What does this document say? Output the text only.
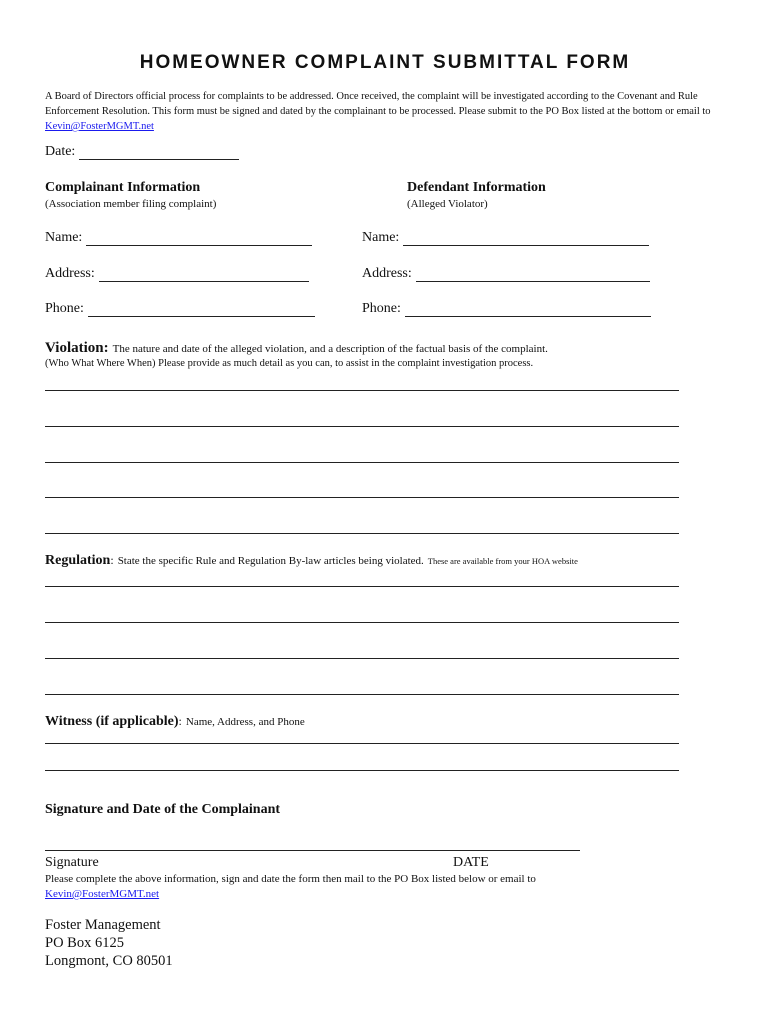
HOMEOWNER COMPLAINT SUBMITTAL FORM
A Board of Directors official process for complaints to be addressed. Once received, the complaint will be investigated according to the Covenant and Rule Enforcement Resolution. This form must be signed and dated by the complainant to be processed. Please submit to the PO Box listed at the bottom or email to Kevin@FosterMGMT.net
Date:
Complainant Information
(Association member filing complaint)
Defendant Information
(Alleged Violator)
Name:
Address:
Phone:
Name:
Address:
Phone:
Violation: The nature and date of the alleged violation, and a description of the factual basis of the complaint.
(Who What Where When) Please provide as much detail as you can, to assist in the complaint investigation process.
Regulation: State the specific Rule and Regulation By-law articles being violated. These are available from your HOA website
Witness (if applicable): Name, Address, and Phone
Signature and Date of the Complainant
Signature	DATE
Please complete the above information, sign and date the form then mail to the PO Box listed below or email to
Kevin@FosterMGMT.net
Foster Management
PO Box 6125
Longmont, CO 80501
